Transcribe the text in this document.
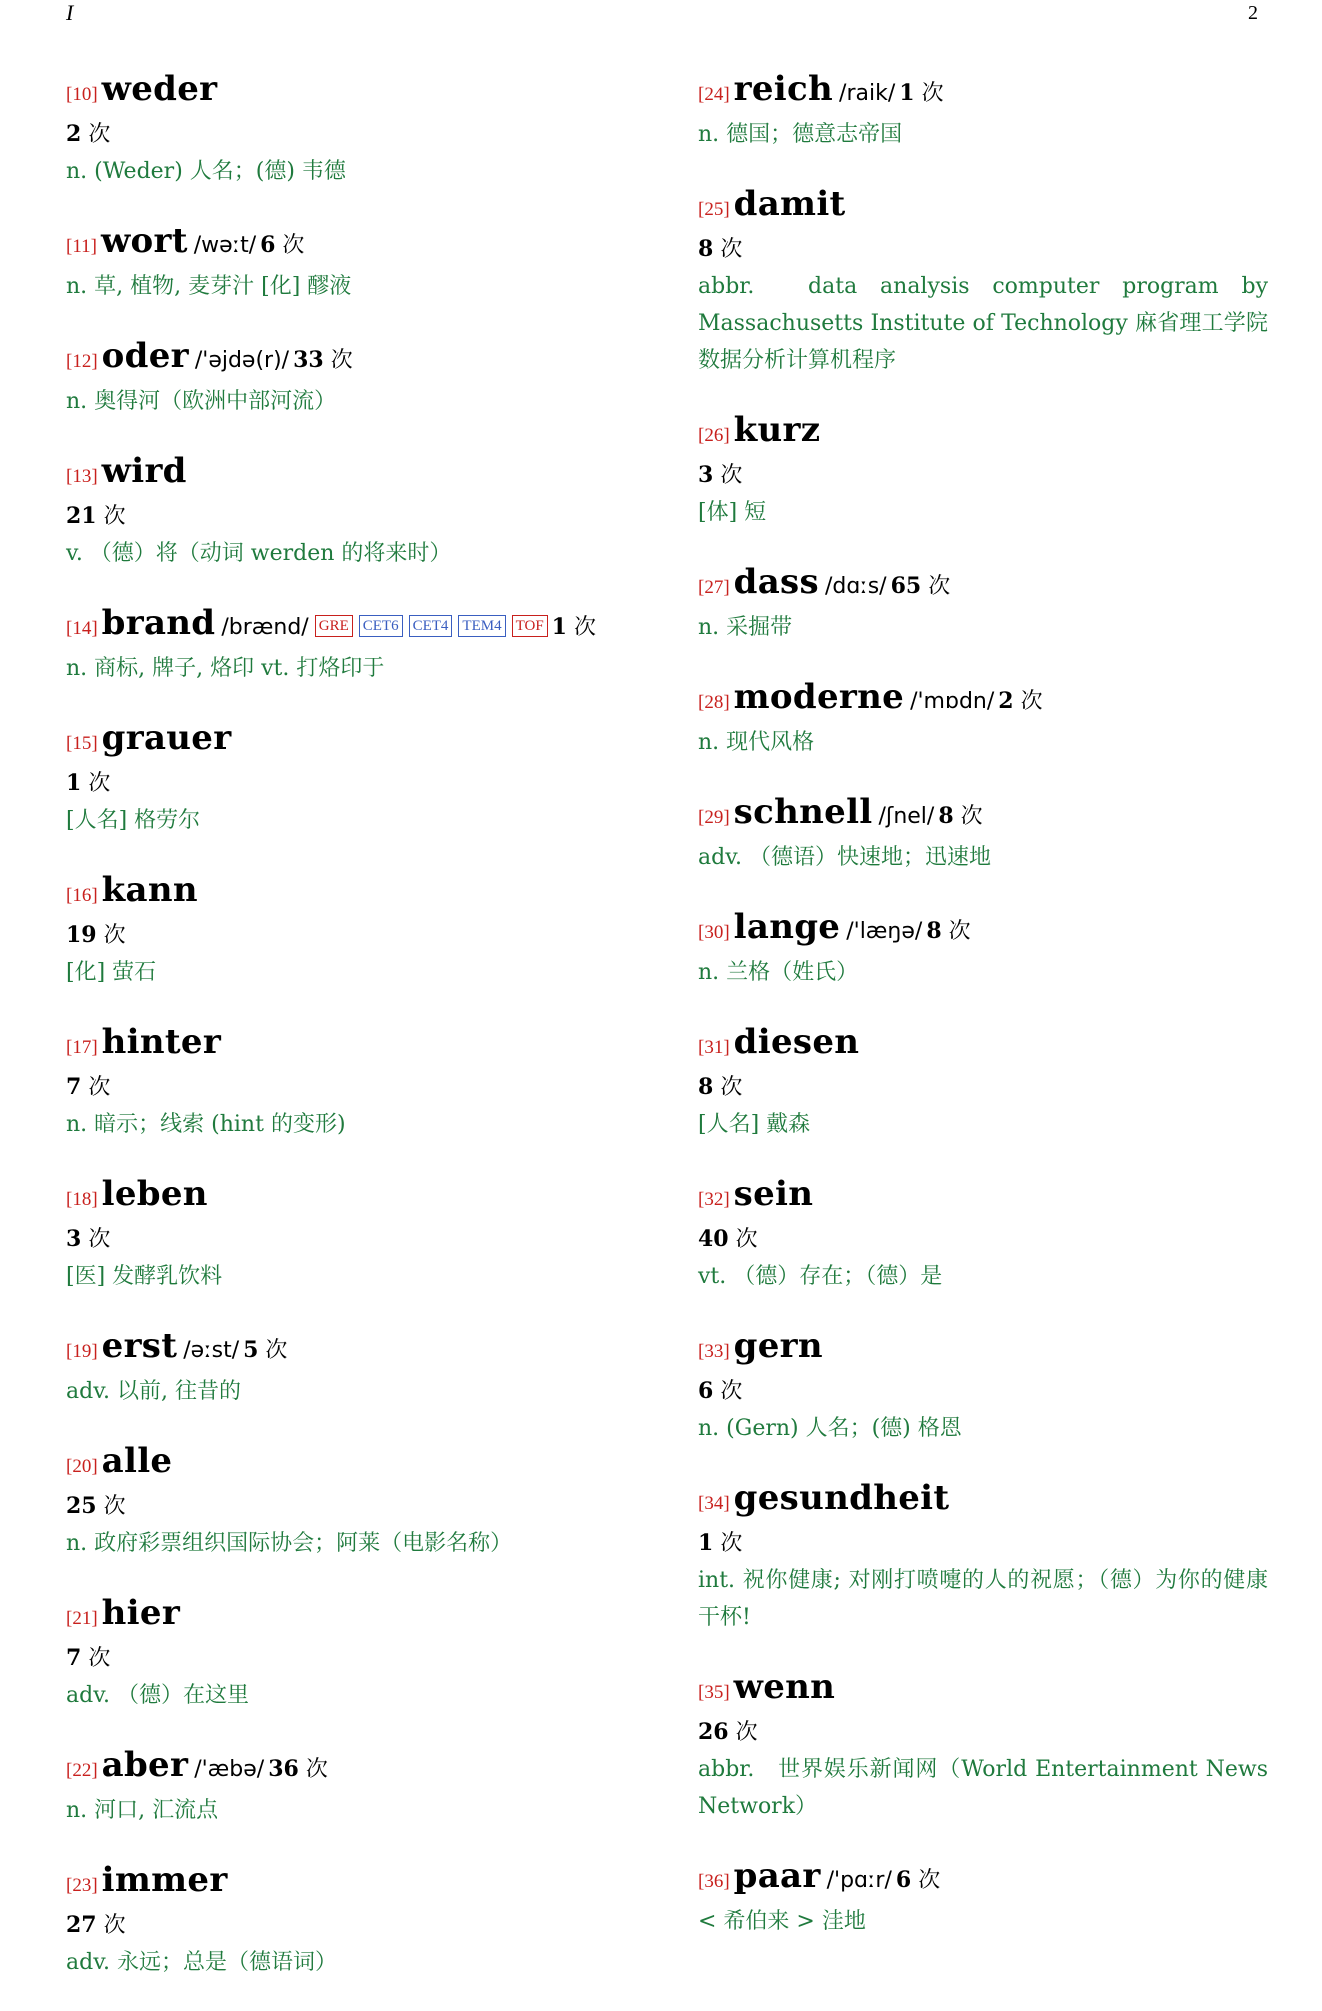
I	2
[10] weder
2 次
n. (Weder) 人名；(德) 韦德
[11] wort /wəːt/ 6 次
n. 草, 植物, 麦芽汁 [化] 醪液
[12] oder /'əjdə(r)/ 33 次
n. 奥得河（欧洲中部河流）
[13] wird
21 次
v. （德）将（动词 werden 的将来时）
[14] brand /brænd/ GRE CET6 CET4 TEM4 TOF 1 次
n. 商标, 牌子, 烙印 vt. 打烙印于
[15] grauer
1 次
[人名] 格劳尔
[16] kann
19 次
[化] 萤石
[17] hinter
7 次
n. 暗示；线索 (hint 的变形)
[18] leben
3 次
[医] 发酵乳饮料
[19] erst /əːst/ 5 次
adv. 以前, 往昔的
[20] alle
25 次
n. 政府彩票组织国际协会；阿莱（电影名称）
[21] hier
7 次
adv. （德）在这里
[22] aber /'æbə/ 36 次
n. 河口, 汇流点
[23] immer
27 次
adv. 永远；总是（德语词）
[24] reich /raik/ 1 次
n. 德国；德意志帝国
[25] damit
8 次
abbr.　data analysis computer program by Massachusetts Institute of Technology 麻省理工学院数据分析计算机程序
[26] kurz
3 次
[体] 短
[27] dass /dɑːs/ 65 次
n. 采掘带
[28] moderne /'mɒdn/ 2 次
n. 现代风格
[29] schnell /ʃnel/ 8 次
adv. （德语）快速地；迅速地
[30] lange /'læŋə/ 8 次
n. 兰格（姓氏）
[31] diesen
8 次
[人名] 戴森
[32] sein
40 次
vt. （德）存在；（德）是
[33] gern
6 次
n. (Gern) 人名；(德) 格恩
[34] gesundheit
1 次
int. 祝你健康; 对刚打喷嚏的人的祝愿；（德）为你的健康干杯!
[35] wenn
26 次
abbr.　世界娱乐新闻网（World Entertainment News Network）
[36] paar /'pɑːr/ 6 次
< 希伯来 > 洼地
